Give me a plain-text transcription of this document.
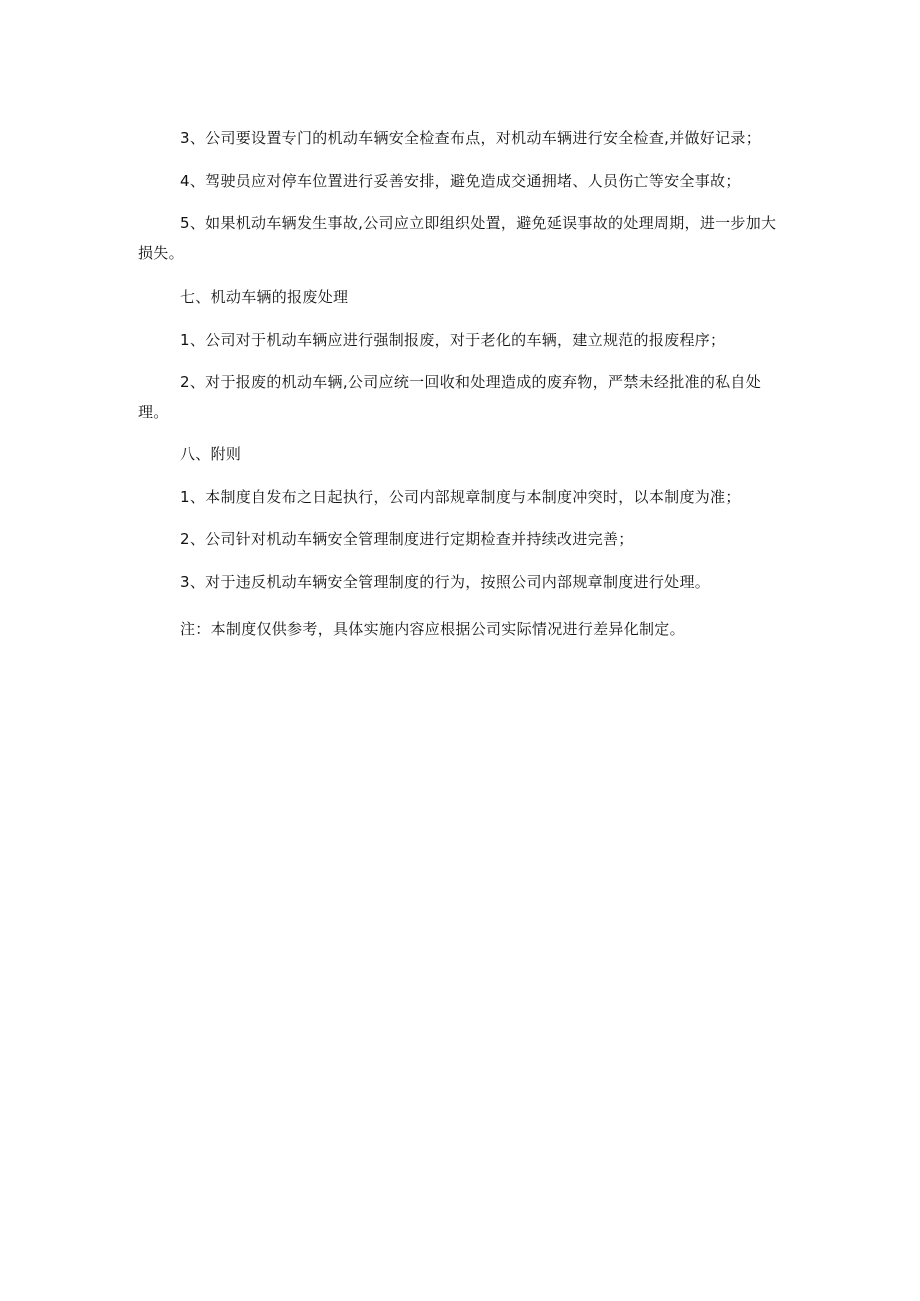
3、公司要设置专门的机动车辆安全检查布点，对机动车辆进行安全检查,并做好记录；
4、驾驶员应对停车位置进行妥善安排，避免造成交通拥堵、人员伤亡等安全事故；
5、如果机动车辆发生事故,公司应立即组织处置，避免延误事故的处理周期，进一步加大
损失。
七、机动车辆的报废处理
1、公司对于机动车辆应进行强制报废，对于老化的车辆，建立规范的报废程序；
2、对于报废的机动车辆,公司应统一回收和处理造成的废弃物，严禁未经批准的私自处
理。
八、附则
1、本制度自发布之日起执行，公司内部规章制度与本制度冲突时，以本制度为准；
2、公司针对机动车辆安全管理制度进行定期检查并持续改进完善；
3、对于违反机动车辆安全管理制度的行为，按照公司内部规章制度进行处理。
注：本制度仅供参考，具体实施内容应根据公司实际情况进行差异化制定。
